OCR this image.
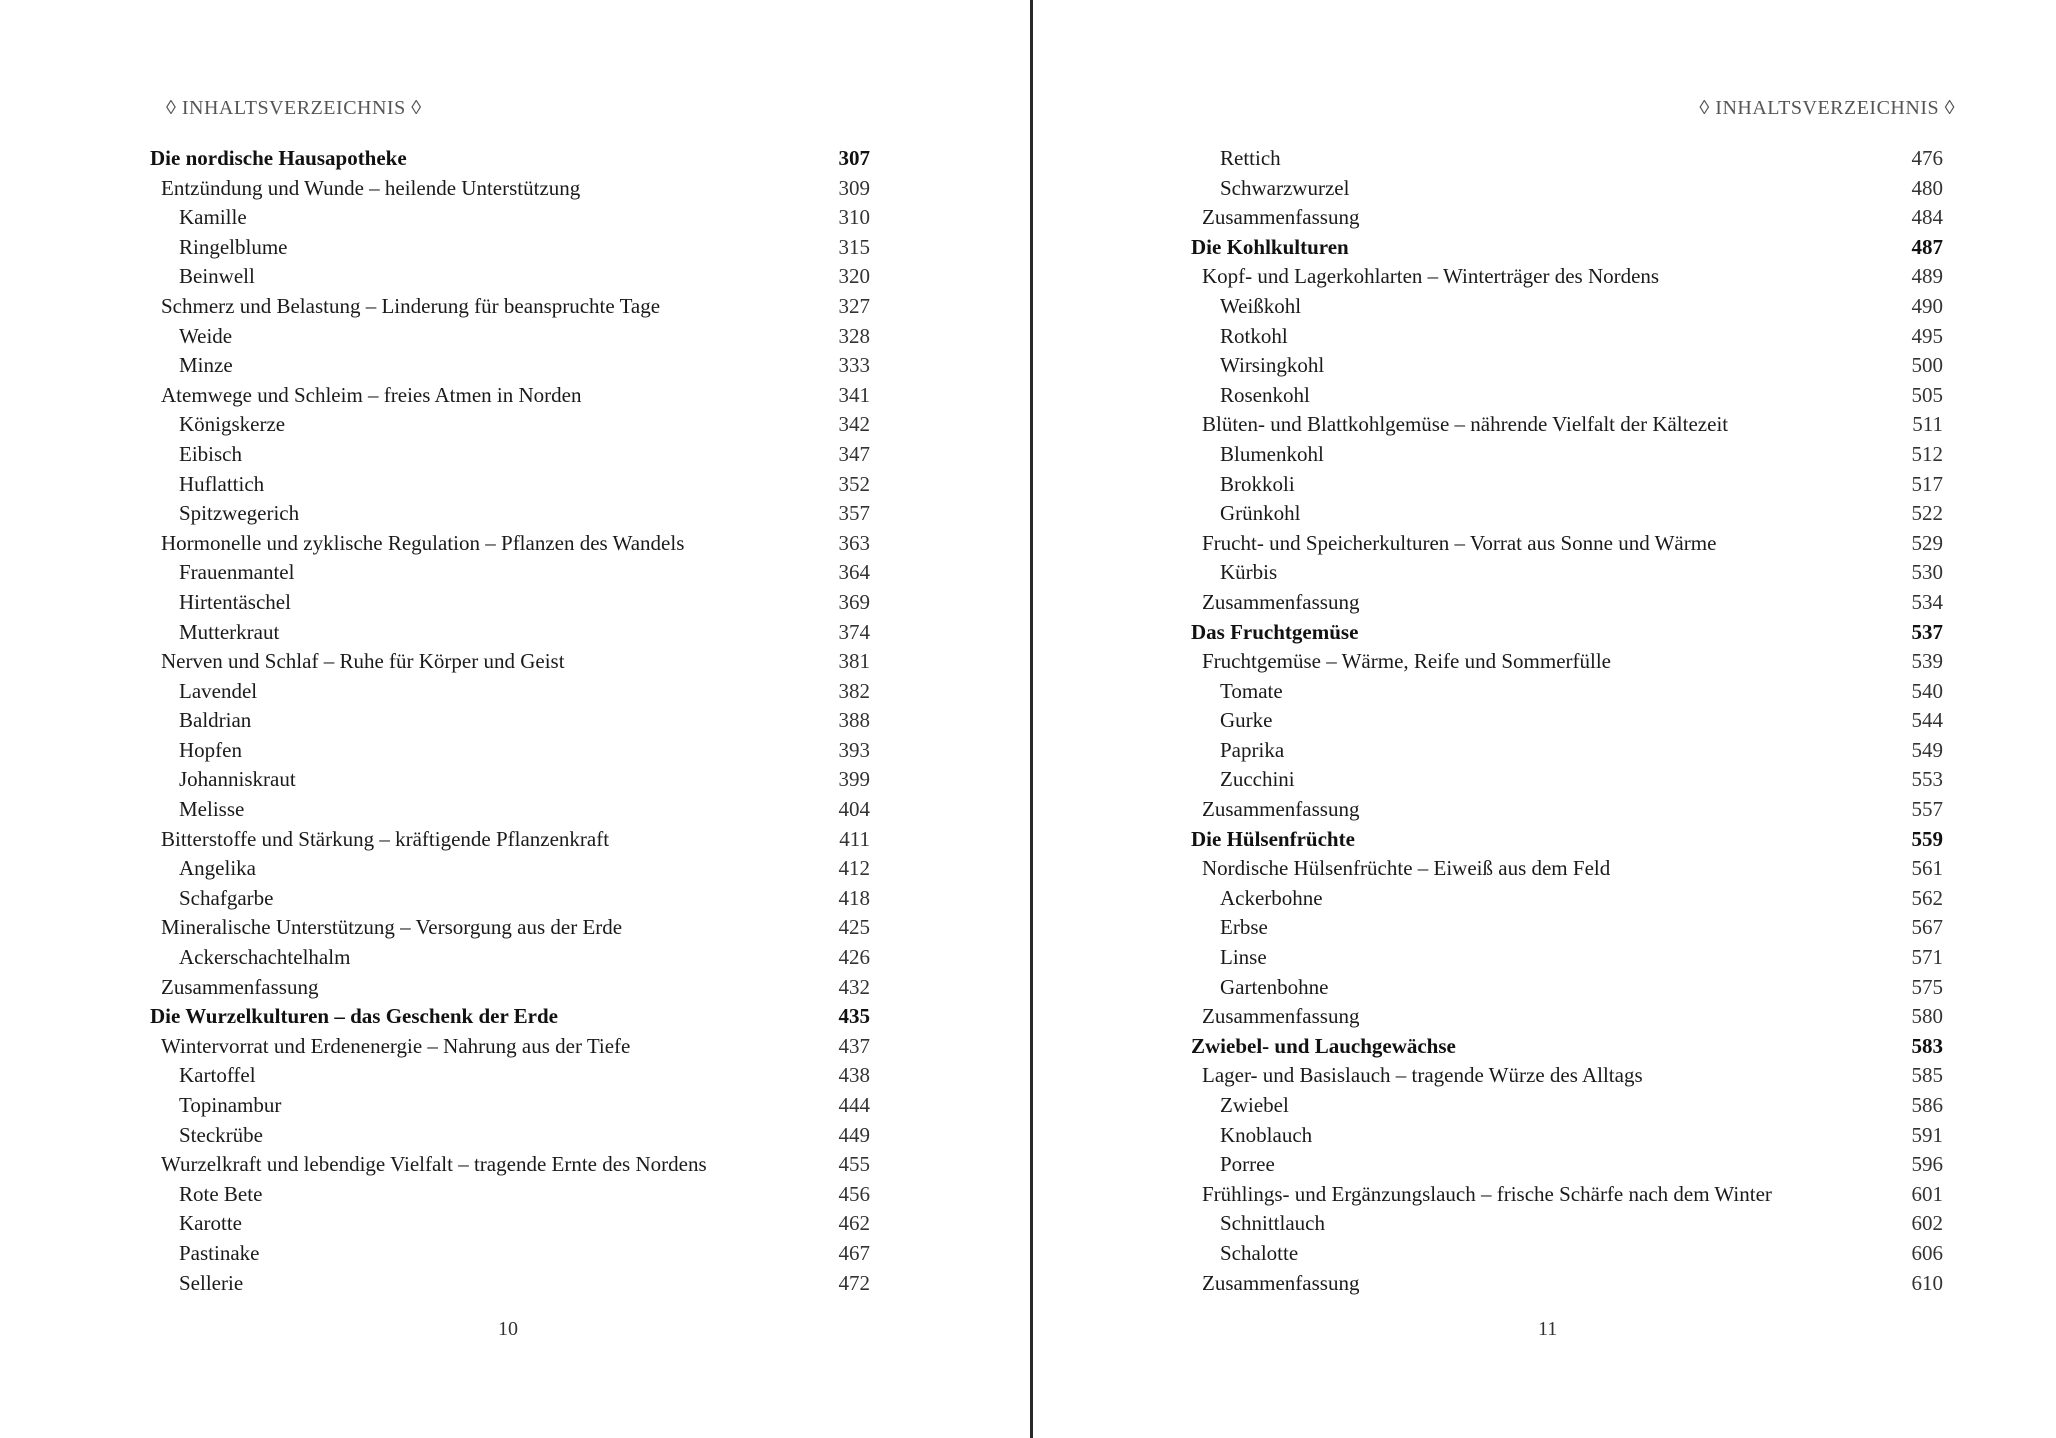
◊ INHALTSVERZEICHNIS ◊
Die nordische Hausapotheke	307
Entzündung und Wunde – heilende Unterstützung	309
Kamille	310
Ringelblume	315
Beinwell	320
Schmerz und Belastung – Linderung für beanspruchte Tage	327
Weide	328
Minze	333
Atemwege und Schleim – freies Atmen in Norden	341
Königskerze	342
Eibisch	347
Huflattich	352
Spitzwegerich	357
Hormonelle und zyklische Regulation – Pflanzen des Wandels	363
Frauenmantel	364
Hirtentäschel	369
Mutterkraut	374
Nerven und Schlaf – Ruhe für Körper und Geist	381
Lavendel	382
Baldrian	388
Hopfen	393
Johanniskraut	399
Melisse	404
Bitterstoffe und Stärkung – kräftigende Pflanzenkraft	411
Angelika	412
Schafgarbe	418
Mineralische Unterstützung – Versorgung aus der Erde	425
Ackerschachtelhalm	426
Zusammenfassung	432
Die Wurzelkulturen – das Geschenk der Erde	435
Wintervorrat und Erdenenergie – Nahrung aus der Tiefe	437
Kartoffel	438
Topinambur	444
Steckrübe	449
Wurzelkraft und lebendige Vielfalt – tragende Ernte des Nordens	455
Rote Bete	456
Karotte	462
Pastinake	467
Sellerie	472
10
◊ INHALTSVERZEICHNIS ◊
Rettich	476
Schwarzwurzel	480
Zusammenfassung	484
Die Kohlkulturen	487
Kopf- und Lagerkohlarten – Winterträger des Nordens	489
Weißkohl	490
Rotkohl	495
Wirsingkohl	500
Rosenkohl	505
Blüten- und Blattkohlgemüse – nährende Vielfalt der Kältezeit	511
Blumenkohl	512
Brokkoli	517
Grünkohl	522
Frucht- und Speicherkulturen – Vorrat aus Sonne und Wärme	529
Kürbis	530
Zusammenfassung	534
Das Fruchtgemüse	537
Fruchtgemüse – Wärme, Reife und Sommerfülle	539
Tomate	540
Gurke	544
Paprika	549
Zucchini	553
Zusammenfassung	557
Die Hülsenfrüchte	559
Nordische Hülsenfrüchte – Eiweiß aus dem Feld	561
Ackerbohne	562
Erbse	567
Linse	571
Gartenbohne	575
Zusammenfassung	580
Zwiebel- und Lauchgewächse	583
Lager- und Basislauch – tragende Würze des Alltags	585
Zwiebel	586
Knoblauch	591
Porree	596
Frühlings- und Ergänzungslauch – frische Schärfe nach dem Winter	601
Schnittlauch	602
Schalotte	606
Zusammenfassung	610
11
